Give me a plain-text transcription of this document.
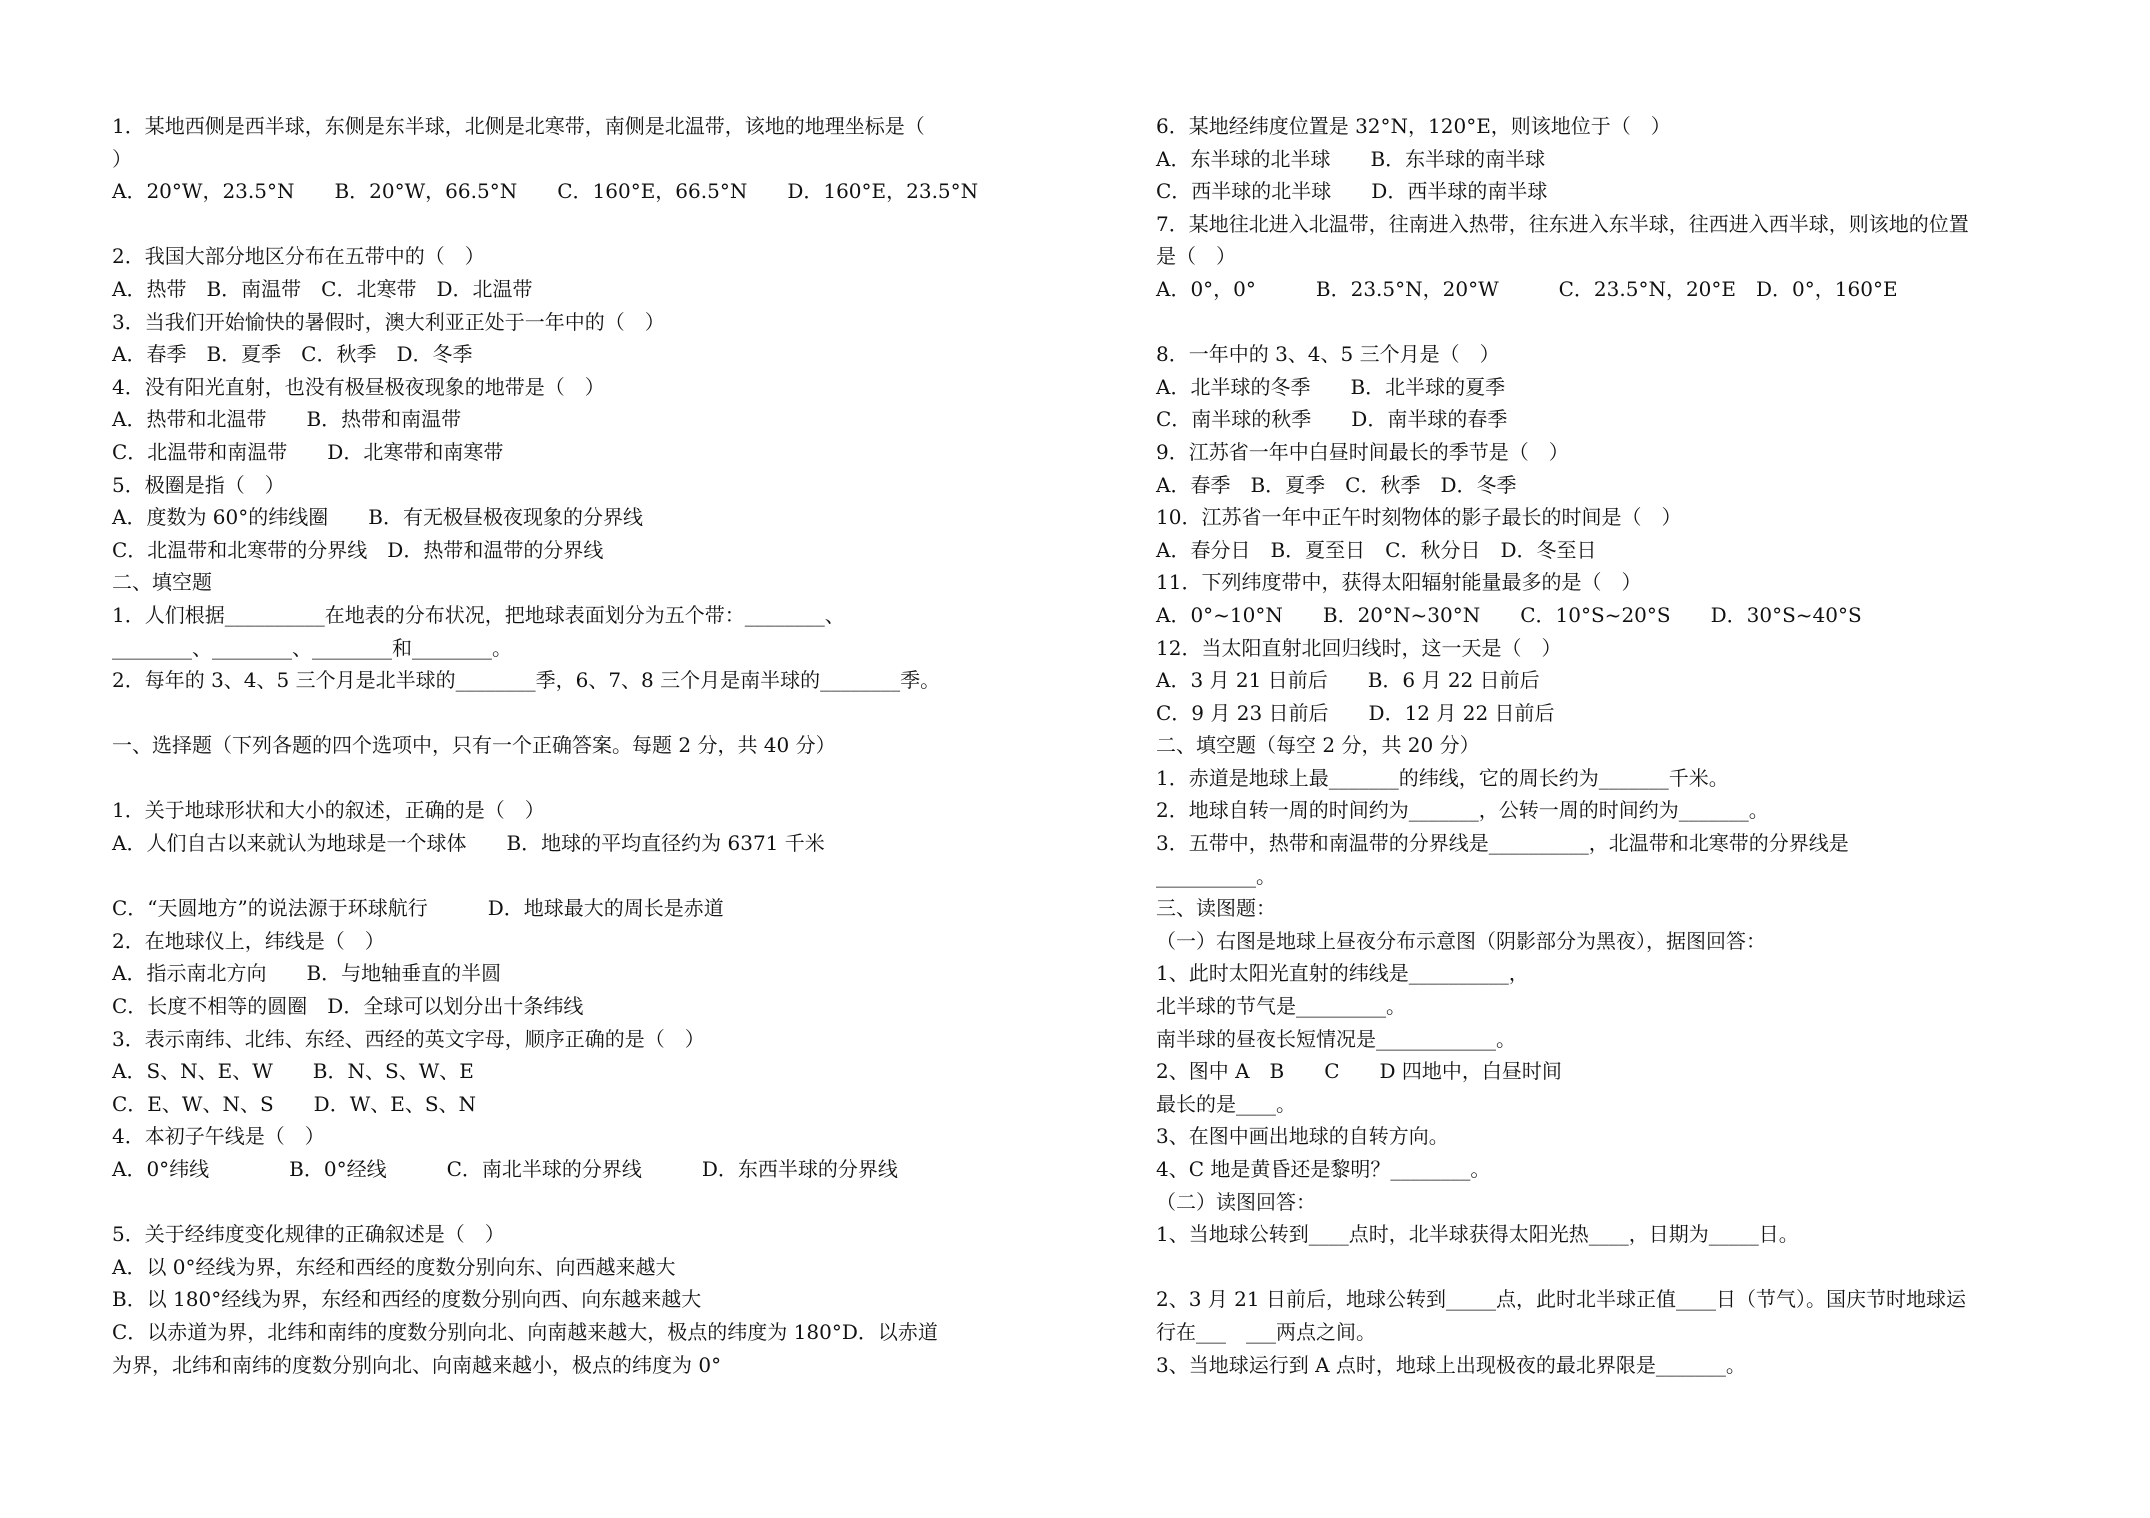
1．某地西侧是西半球，东侧是东半球，北侧是北寒带，南侧是北温带，该地的地理坐标是（
）
A．20°W，23.5°N　　B．20°W，66.5°N　　C．160°E，66.5°N　　D．160°E，23.5°N
2．我国大部分地区分布在五带中的（　）
A．热带　B．南温带　C．北寒带　D．北温带
3．当我们开始愉快的暑假时，澳大利亚正处于一年中的（　）
A．春季　B．夏季　C．秋季　D．冬季
4．没有阳光直射，也没有极昼极夜现象的地带是（　）
A．热带和北温带　　B．热带和南温带
C．北温带和南温带　　D．北寒带和南寒带
5．极圈是指（　）
A．度数为 60°的纬线圈　　B．有无极昼极夜现象的分界线
C．北温带和北寒带的分界线　D．热带和温带的分界线
二、填空题
1．人们根据__________在地表的分布状况，把地球表面划分为五个带：________、
________、________、________和________。
2．每年的 3、4、5 三个月是北半球的________季，6、7、8 三个月是南半球的________季。
一、选择题（下列各题的四个选项中，只有一个正确答案。每题 2 分，共 40 分）
1．关于地球形状和大小的叙述，正确的是（　）
A．人们自古以来就认为地球是一个球体　　B．地球的平均直径约为 6371 千米
C．“天圆地方”的说法源于环球航行　　　D．地球最大的周长是赤道
2．在地球仪上，纬线是（　）
A．指示南北方向　　B．与地轴垂直的半圆
C．长度不相等的圆圈　D．全球可以划分出十条纬线
3．表示南纬、北纬、东经、西经的英文字母，顺序正确的是（　）
A．S、N、E、W　　B．N、S、W、E
C．E、W、N、S　　D．W、E、S、N
4．本初子午线是（　）
A．0°纬线　　　　B．0°经线　　　C．南北半球的分界线　　　D．东西半球的分界线
5．关于经纬度变化规律的正确叙述是（　）
A．以 0°经线为界，东经和西经的度数分别向东、向西越来越大
B．以 180°经线为界，东经和西经的度数分别向西、向东越来越大
C．以赤道为界，北纬和南纬的度数分别向北、向南越来越大，极点的纬度为 180°D．以赤道
为界，北纬和南纬的度数分别向北、向南越来越小，极点的纬度为 0°
6．某地经纬度位置是 32°N，120°E，则该地位于（　）
A．东半球的北半球　　B．东半球的南半球
C．西半球的北半球　　D．西半球的南半球
7．某地往北进入北温带，往南进入热带，往东进入东半球，往西进入西半球，则该地的位置
是（　）
A．0°，0°　　　B．23.5°N，20°W　　　C．23.5°N，20°E　D．0°，160°E
8．一年中的 3、4、5 三个月是（　）
A．北半球的冬季　　B．北半球的夏季
C．南半球的秋季　　D．南半球的春季
9．江苏省一年中白昼时间最长的季节是（　）
A．春季　B．夏季　C．秋季　D．冬季
10．江苏省一年中正午时刻物体的影子最长的时间是（　）
A．春分日　B．夏至日　C．秋分日　D．冬至日
11．下列纬度带中，获得太阳辐射能量最多的是（　）
A．0°~10°N　　B．20°N~30°N　　C．10°S~20°S　　D．30°S~40°S
12．当太阳直射北回归线时，这一天是（　）
A．3 月 21 日前后　　B．6 月 22 日前后
C．9 月 23 日前后　　D．12 月 22 日前后
二、填空题（每空 2 分，共 20 分）
1．赤道是地球上最_______的纬线，它的周长约为_______千米。
2．地球自转一周的时间约为_______，公转一周的时间约为_______。
3．五带中，热带和南温带的分界线是__________，北温带和北寒带的分界线是
__________。
三、读图题：
（一）右图是地球上昼夜分布示意图（阴影部分为黑夜），据图回答：
1、此时太阳光直射的纬线是__________，
北半球的节气是_________。
南半球的昼夜长短情况是____________。
2、图中 A　B　　C　　D 四地中，白昼时间
最长的是____。
3、在图中画出地球的自转方向。
4、C 地是黄昏还是黎明？________。
（二）读图回答：
1、当地球公转到____点时，北半球获得太阳光热____，日期为_____日。
2、3 月 21 日前后，地球公转到_____点，此时北半球正值____日（节气）。国庆节时地球运
行在___　___两点之间。
3、当地球运行到 A 点时，地球上出现极夜的最北界限是_______。
